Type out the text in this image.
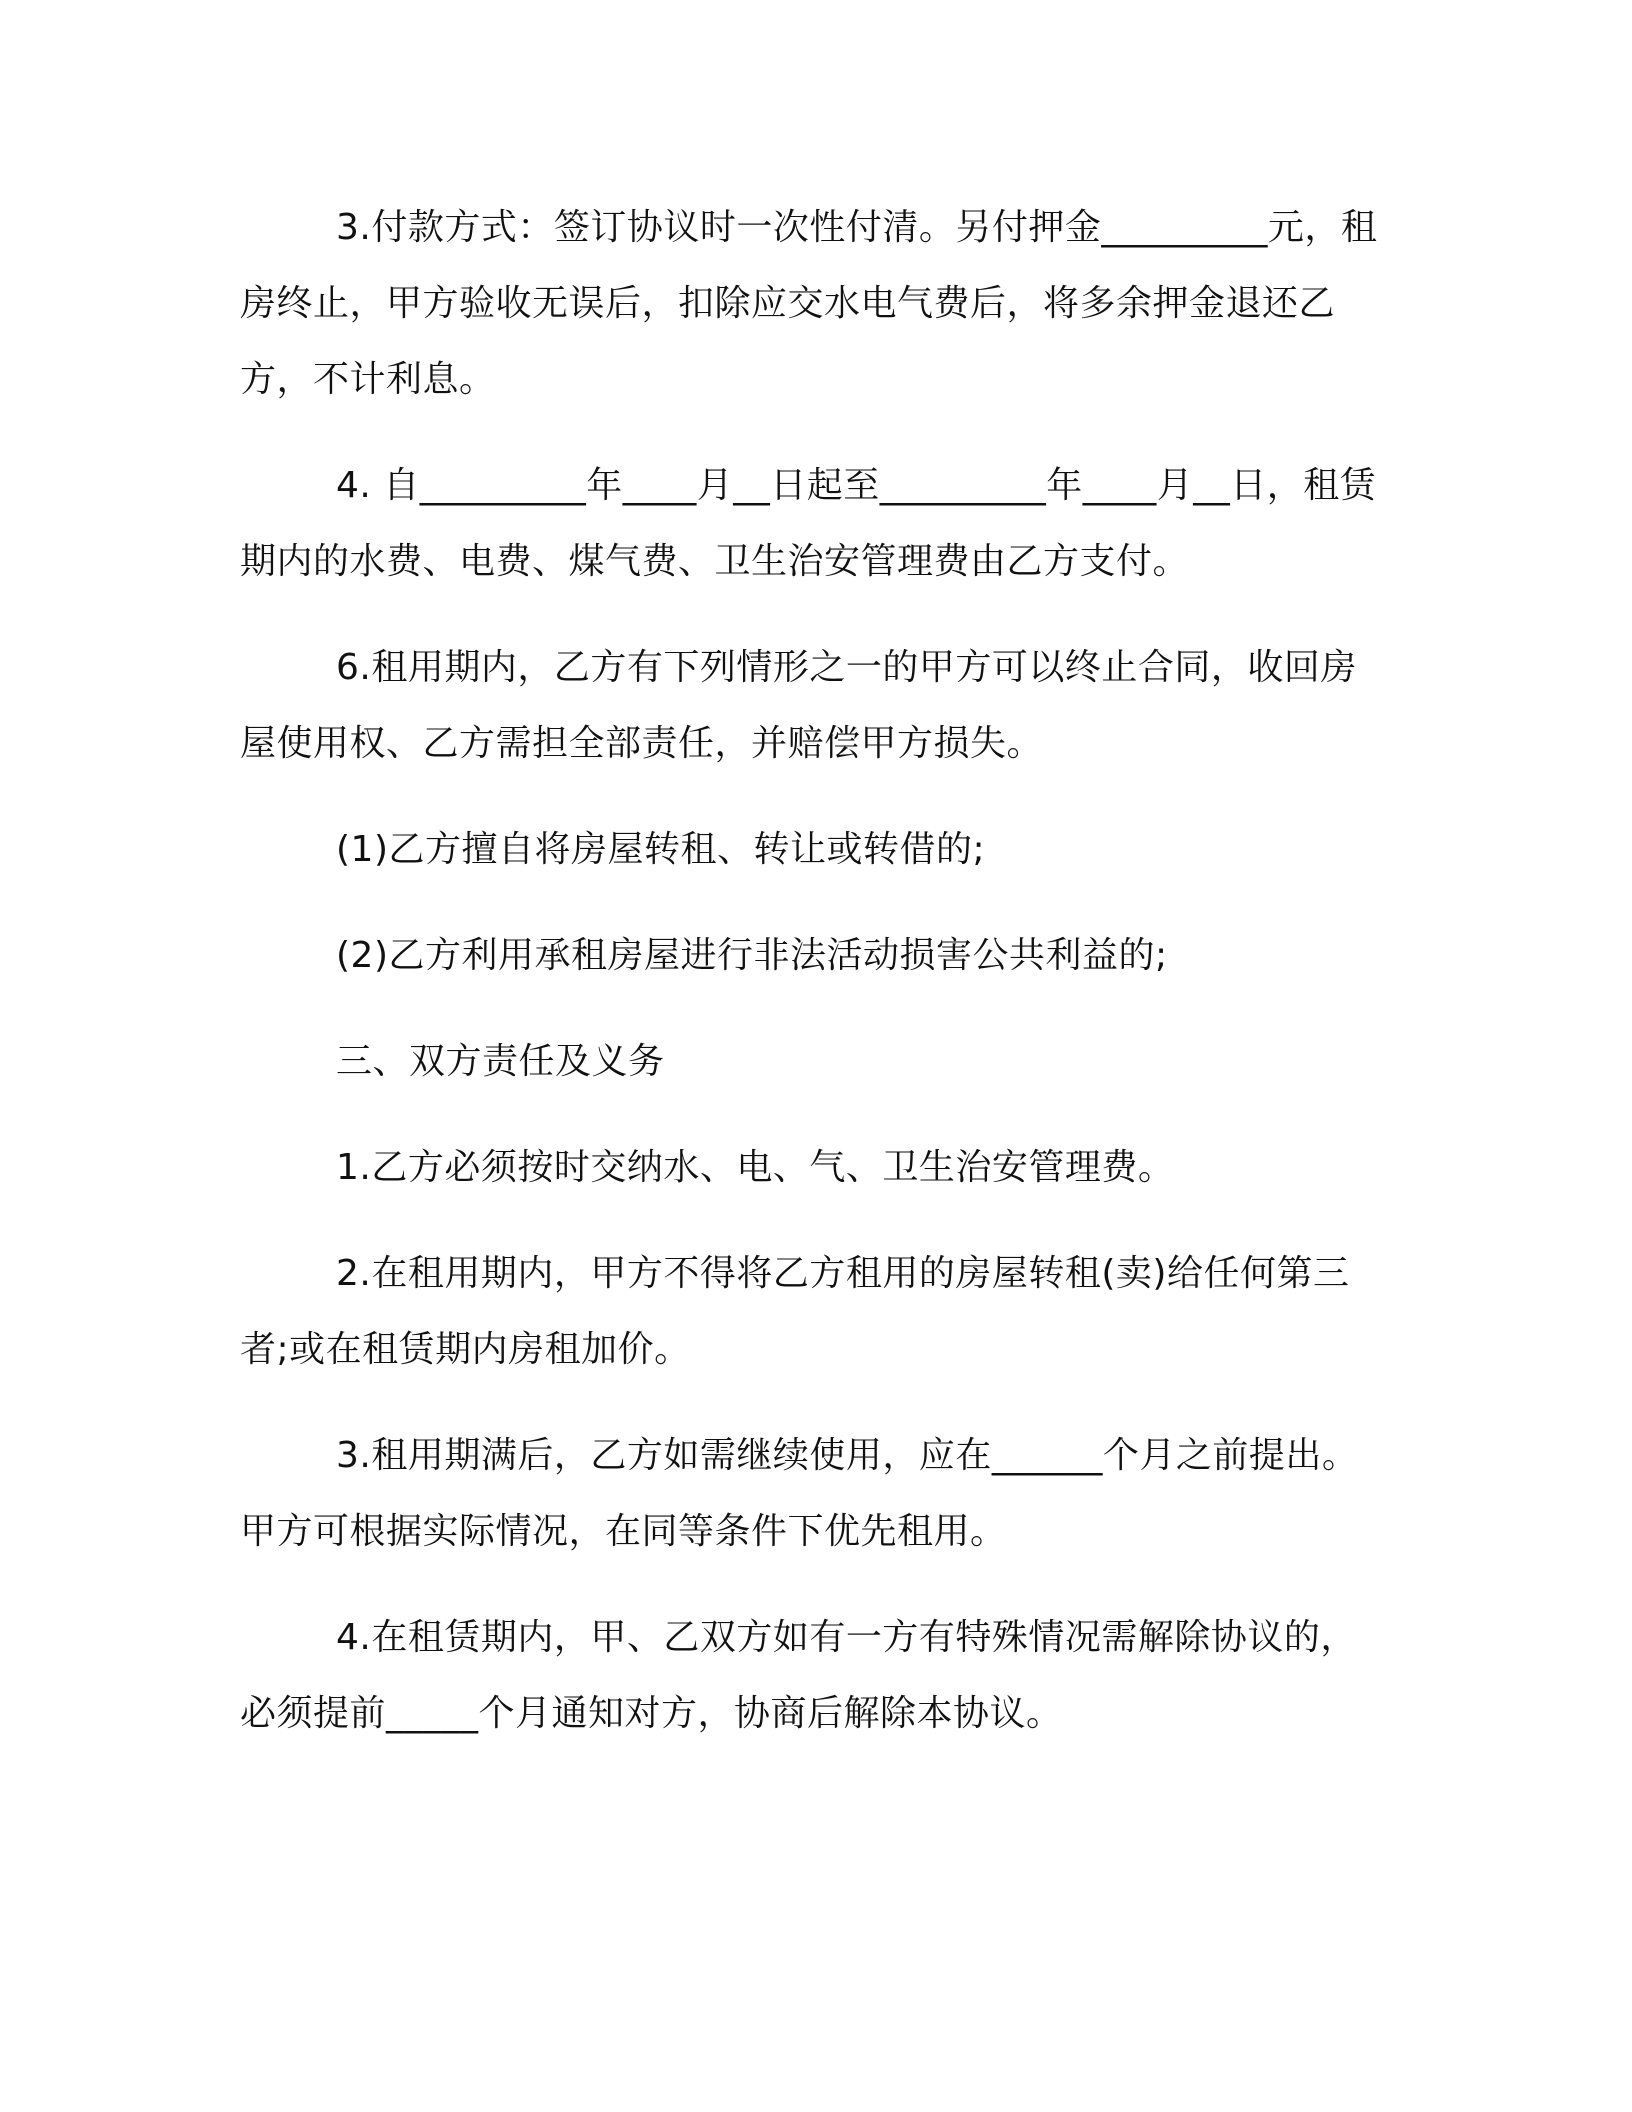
3.付款方式：签订协议时一次性付清。另付押金_________元，租房终止，甲方验收无误后，扣除应交水电气费后，将多余押金退还乙方，不计利息。

4. 自_________年____月__日起至_________年____月__日，租赁期内的水费、电费、煤气费、卫生治安管理费由乙方支付。

6.租用期内，乙方有下列情形之一的甲方可以终止合同，收回房屋使用权、乙方需担全部责任，并赔偿甲方损失。

(1)乙方擅自将房屋转租、转让或转借的;

(2)乙方利用承租房屋进行非法活动损害公共利益的;

三、双方责任及义务

1.乙方必须按时交纳水、电、气、卫生治安管理费。

2.在租用期内，甲方不得将乙方租用的房屋转租(卖)给任何第三者;或在租赁期内房租加价。

3.租用期满后，乙方如需继续使用，应在______个月之前提出。甲方可根据实际情况，在同等条件下优先租用。

4.在租赁期内，甲、乙双方如有一方有特殊情况需解除协议的，必须提前_____个月通知对方，协商后解除本协议。
